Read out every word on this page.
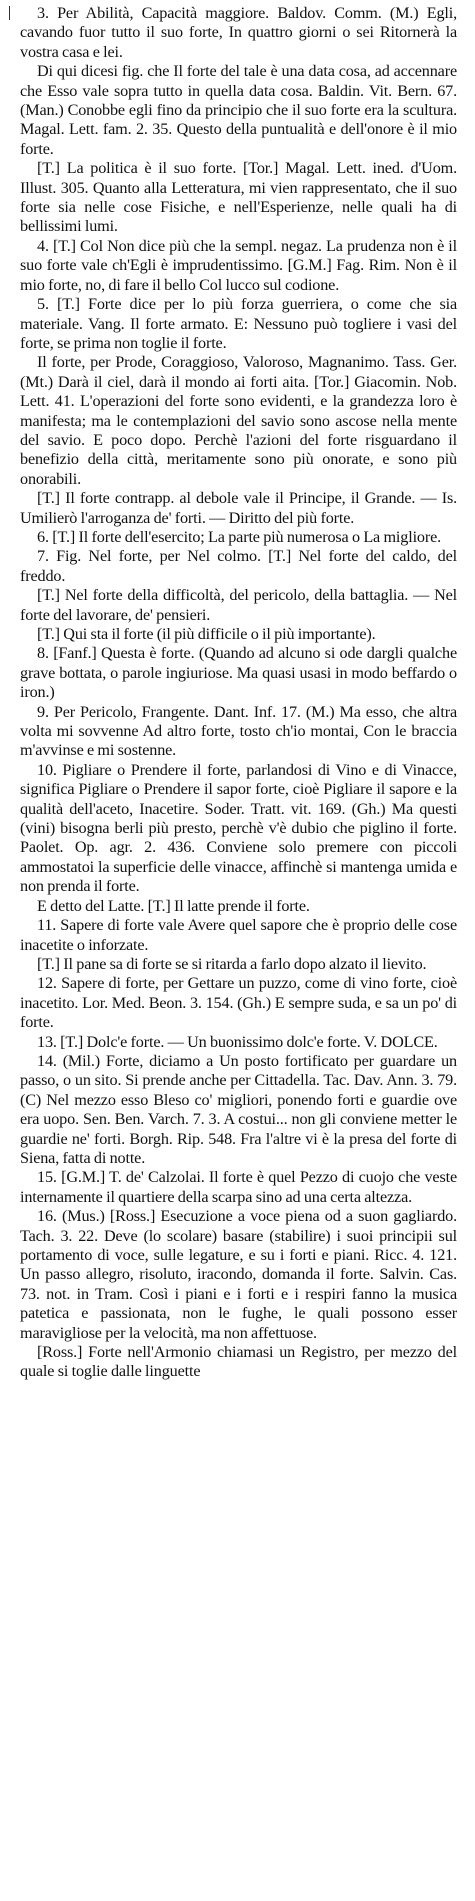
3. Per Abilità, Capacità maggiore. Baldov. Comm. (M.) Egli, cavando fuor tutto il suo forte, In quattro giorni o sei Ritornerà la vostra casa e lei.

Di qui dicesi fig. che Il forte del tale è una data cosa, ad accennare che Esso vale sopra tutto in quella data cosa. Baldin. Vit. Bern. 67. (Man.) Conobbe egli fino da principio che il suo forte era la scultura. Magal. Lett. fam. 2. 35. Questo della puntualità e dell'onore è il mio forte.

[T.] La politica è il suo forte. [Tor.] Magal. Lett. ined. d'Uom. Illust. 305. Quanto alla Letteratura, mi vien rappresentato, che il suo forte sia nelle cose Fisiche, e nell'Esperienze, nelle quali ha di bellissimi lumi.

4. [T.] Col Non dice più che la sempl. negaz. La prudenza non è il suo forte vale ch'Egli è imprudentissimo. [G.M.] Fag. Rim. Non è il mio forte, no, di fare il bello Col lucco sul codione.

5. [T.] Forte dice per lo più forza guerriera, o come che sia materiale. Vang. Il forte armato. E: Nessuno può togliere i vasi del forte, se prima non toglie il forte.

Il forte, per Prode, Coraggioso, Valoroso, Magnanimo. Tass. Ger. (Mt.) Darà il ciel, darà il mondo ai forti aita. [Tor.] Giacomin. Nob. Lett. 41. L'operazioni del forte sono evidenti, e la grandezza loro è manifesta; ma le contemplazioni del savio sono ascose nella mente del savio. E poco dopo. Perchè l'azioni del forte risguardano il benefizio della città, meritamente sono più onorate, e sono più onorabili.

[T.] Il forte contrapp. al debole vale il Principe, il Grande. — Is. Umilierò l'arroganza de' forti. — Diritto del più forte.

6. [T.] Il forte dell'esercito; La parte più numerosa o La migliore.

7. Fig. Nel forte, per Nel colmo. [T.] Nel forte del caldo, del freddo.

[T.] Nel forte della difficoltà, del pericolo, della battaglia. — Nel forte del lavorare, de' pensieri.

[T.] Qui sta il forte (il più difficile o il più importante).

8. [Fanf.] Questa è forte. (Quando ad alcuno si ode dargli qualche grave bottata, o parole ingiuriose. Ma quasi usasi in modo beffardo o iron.)

9. Per Pericolo, Frangente. Dant. Inf. 17. (M.) Ma esso, che altra volta mi sovvenne Ad altro forte, tosto ch'io montai, Con le braccia m'avvinse e mi sostenne.

10. Pigliare o Prendere il forte, parlandosi di Vino e di Vinacce, significa Pigliare o Prendere il sapor forte, cioè Pigliare il sapore e la qualità dell'aceto, Inacetire. Soder. Tratt. vit. 169. (Gh.) Ma questi (vini) bisogna berli più presto, perchè v'è dubio che piglino il forte. Paolet. Op. agr. 2. 436. Conviene solo premere con piccoli ammostatoi la superficie delle vinacce, affinchè si mantenga umida e non prenda il forte.

E detto del Latte. [T.] Il latte prende il forte.

11. Sapere di forte vale Avere quel sapore che è proprio delle cose inacetite o inforzate.

[T.] Il pane sa di forte se si ritarda a farlo dopo alzato il lievito.

12. Sapere di forte, per Gettare un puzzo, come di vino forte, cioè inacetito. Lor. Med. Beon. 3. 154. (Gh.) E sempre suda, e sa un po' di forte.

13. [T.] Dolc'e forte. — Un buonissimo dolc'e forte. V. DOLCE.

14. (Mil.) Forte, diciamo a Un posto fortificato per guardare un passo, o un sito. Si prende anche per Cittadella. Tac. Dav. Ann. 3. 79. (C) Nel mezzo esso Bleso co' migliori, ponendo forti e guardie ove era uopo. Sen. Ben. Varch. 7. 3. A costui... non gli conviene metter le guardie ne' forti. Borgh. Rip. 548. Fra l'altre vi è la presa del forte di Siena, fatta di notte.

15. [G.M.] T. de' Calzolai. Il forte è quel Pezzo di cuojo che veste internamente il quartiere della scarpa sino ad una certa altezza.

16. (Mus.) [Ross.] Esecuzione a voce piena od a suon gagliardo. Tach. 3. 22. Deve (lo scolare) basare (stabilire) i suoi principii sul portamento di voce, sulle legature, e su i forti e piani. Ricc. 4. 121. Un passo allegro, risoluto, iracondo, domanda il forte. Salvin. Cas. 73. not. in Tram. Così i piani e i forti e i respiri fanno la musica patetica e passionata, non le fughe, le quali possono esser maravigliose per la velocità, ma non affettuose.

[Ross.] Forte nell'Armonio chiamasi un Registro, per mezzo del quale si toglie dalle linguette
